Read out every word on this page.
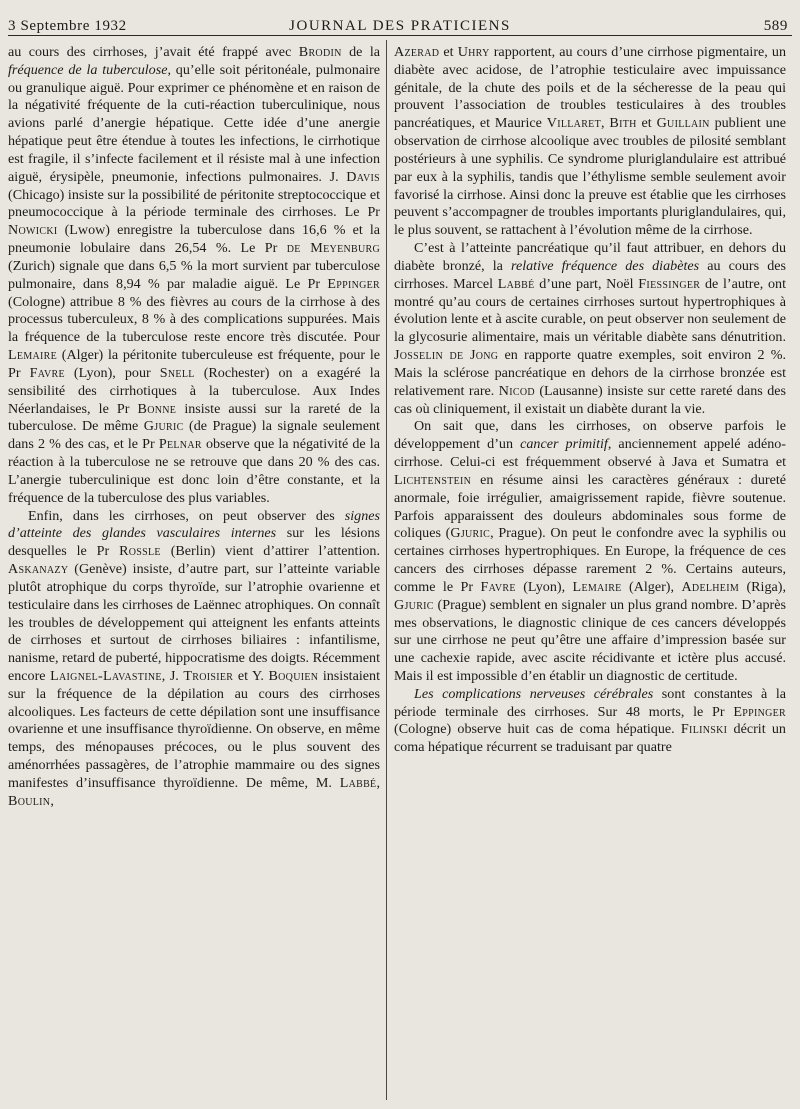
3 Septembre 1932	JOURNAL DES PRATICIENS	589

au cours des cirrhoses, j’avait été frappé avec Brodin de la fréquence de la tuberculose, qu’elle soit péritonéale, pulmonaire ou granulique aiguë. Pour exprimer ce phénomène et en raison de la négativité fréquente de la cuti-réaction tuberculinique, nous avions parlé d’anergie hépatique. Cette idée d’une anergie hépatique peut être étendue à toutes les infections, le cirrhotique est fragile, il s’infecte facilement et il résiste mal à une infection aiguë, érysipèle, pneumonie, infections pulmonaires. J. Davis (Chicago) insiste sur la possibilité de péritonite streptococcique et pneumococcique à la période terminale des cirrhoses. Le Pr Nowicki (Lwow) enregistre la tuberculose dans 16,6 % et la pneumonie lobulaire dans 26,54 %. Le Pr de Meyenburg (Zurich) signale que dans 6,5 % la mort survient par tuberculose pulmonaire, dans 8,94 % par maladie aiguë. Le Pr Eppinger (Cologne) attribue 8 % des fièvres au cours de la cirrhose à des processus tuberculeux, 8 % à des complications suppurées. Mais la fréquence de la tuberculose reste encore très discutée. Pour Lemaire (Alger) la péritonite tuberculeuse est fréquente, pour le Pr Favre (Lyon), pour Snell (Rochester) on a exagéré la sensibilité des cirrhotiques à la tuberculose. Aux Indes Néerlandaises, le Pr Bonne insiste aussi sur la rareté de la tuberculose. De même Gjuric (de Prague) la signale seulement dans 2 % des cas, et le Pr Pelnar observe que la négativité de la réaction à la tuberculose ne se retrouve que dans 20 % des cas. L’anergie tuberculinique est donc loin d’être constante, et la fréquence de la tuberculose des plus variables.

Enfin, dans les cirrhoses, on peut observer des signes d’atteinte des glandes vasculaires internes sur les lésions desquelles le Pr Rossle (Berlin) vient d’attirer l’attention. Askanazy (Genève) insiste, d’autre part, sur l’atteinte variable plutôt atrophique du corps thyroïde, sur l’atrophie ovarienne et testiculaire dans les cirrhoses de Laënnec atrophiques. On connaît les troubles de développement qui atteignent les enfants atteints de cirrhoses et surtout de cirrhoses biliaires : infantilisme, nanisme, retard de puberté, hippocratisme des doigts. Récemment encore Laignel-Lavastine, J. Troisier et Y. Boquien insistaient sur la fréquence de la dépilation au cours des cirrhoses alcooliques. Les facteurs de cette dépilation sont une insuffisance ovarienne et une insuffisance thyroïdienne. On observe, en même temps, des ménopauses précoces, ou le plus souvent des aménorrhées passagères, de l’atrophie mammaire ou des signes manifestes d’insuffisance thyroïdienne. De même, M. Labbé, Boulin,

Azerad et Uhry rapportent, au cours d’une cirrhose pigmentaire, un diabète avec acidose, de l’atrophie testiculaire avec impuissance génitale, de la chute des poils et de la sécheresse de la peau qui prouvent l’association de troubles testiculaires à des troubles pancréatiques, et Maurice Villaret, Bith et Guillain publient une observation de cirrhose alcoolique avec troubles de pilosité semblant postérieurs à une syphilis. Ce syndrome pluriglandulaire est attribué par eux à la syphilis, tandis que l’éthylisme semble seulement avoir favorisé la cirrhose. Ainsi donc la preuve est établie que les cirrhoses peuvent s’accompagner de troubles importants pluriglandulaires, qui, le plus souvent, se rattachent à l’évolution même de la cirrhose.

C’est à l’atteinte pancréatique qu’il faut attribuer, en dehors du diabète bronzé, la relative fréquence des diabètes au cours des cirrhoses. Marcel Labbé d’une part, Noël Fiessinger de l’autre, ont montré qu’au cours de certaines cirrhoses surtout hypertrophiques à évolution lente et à ascite curable, on peut observer non seulement de la glycosurie alimentaire, mais un véritable diabète sans dénutrition. Josselin de Jong en rapporte quatre exemples, soit environ 2 %. Mais la sclérose pancréatique en dehors de la cirrhose bronzée est relativement rare. Nicod (Lausanne) insiste sur cette rareté dans des cas où cliniquement, il existait un diabète durant la vie.

On sait que, dans les cirrhoses, on observe parfois le développement d’un cancer primitif, anciennement appelé adéno-cirrhose. Celui-ci est fréquemment observé à Java et Sumatra et Lichtenstein en résume ainsi les caractères généraux : dureté anormale, foie irrégulier, amaigrissement rapide, fièvre soutenue. Parfois apparaissent des douleurs abdominales sous forme de coliques (Gjuric, Prague). On peut le confondre avec la syphilis ou certaines cirrhoses hypertrophiques. En Europe, la fréquence de ces cancers des cirrhoses dépasse rarement 2 %. Certains auteurs, comme le Pr Favre (Lyon), Lemaire (Alger), Adelheim (Riga), Gjuric (Prague) semblent en signaler un plus grand nombre. D’après mes observations, le diagnostic clinique de ces cancers développés sur une cirrhose ne peut qu’être une affaire d’impression basée sur une cachexie rapide, avec ascite récidivante et ictère plus accusé. Mais il est impossible d’en établir un diagnostic de certitude.

Les complications nerveuses cérébrales sont constantes à la période terminale des cirrhoses. Sur 48 morts, le Pr Eppinger (Cologne) observe huit cas de coma hépatique. Filinski décrit un coma hépatique récurrent se traduisant par quatre
